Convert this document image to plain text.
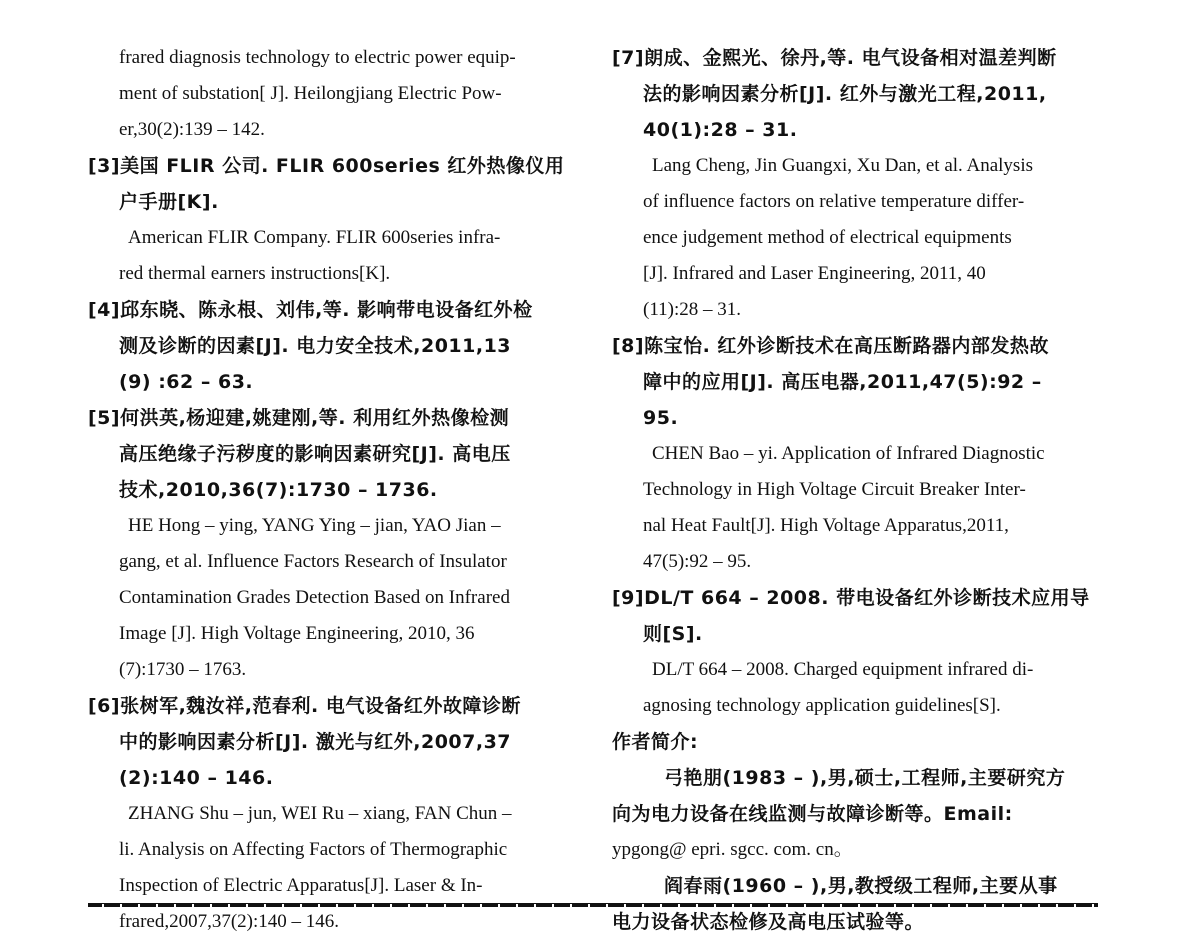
frared diagnosis technology to electric power equip-
ment of substation[ J]. Heilongjiang Electric Pow-
er,30(2):139 – 142.
[3]美国 FLIR 公司. FLIR 600series 红外热像仪用
户手册[K].
American FLIR Company. FLIR 600series infra-
red thermal earners instructions[K].
[4]邱东晓、陈永根、刘伟,等. 影响带电设备红外检
测及诊断的因素[J]. 电力安全技术,2011,13
(9) :62 – 63.
[5]何洪英,杨迎建,姚建刚,等. 利用红外热像检测
高压绝缘子污秽度的影响因素研究[J]. 高电压
技术,2010,36(7):1730 – 1736.
HE Hong – ying, YANG Ying – jian, YAO Jian –
gang, et al. Influence Factors Research of Insulator
Contamination Grades Detection Based on Infrared
Image [J]. High Voltage Engineering, 2010, 36
(7):1730 – 1763.
[6]张树军,魏汝祥,范春利. 电气设备红外故障诊断
中的影响因素分析[J]. 激光与红外,2007,37
(2):140 – 146.
ZHANG Shu – jun, WEI Ru – xiang, FAN Chun –
li. Analysis on Affecting Factors of Thermographic
Inspection of Electric Apparatus[J]. Laser & In-
frared,2007,37(2):140 – 146.
[7]朗成、金熙光、徐丹,等. 电气设备相对温差判断
法的影响因素分析[J]. 红外与激光工程,2011,
40(1):28 – 31.
Lang Cheng, Jin Guangxi, Xu Dan, et al. Analysis
of influence factors on relative temperature differ-
ence judgement method of electrical equipments
[J]. Infrared and Laser Engineering, 2011, 40
(11):28 – 31.
[8]陈宝怡. 红外诊断技术在高压断路器内部发热故
障中的应用[J]. 高压电器,2011,47(5):92 –
95.
CHEN Bao – yi. Application of Infrared Diagnostic
Technology in High Voltage Circuit Breaker Inter-
nal Heat Fault[J]. High Voltage Apparatus,2011,
47(5):92 – 95.
[9]DL/T 664 – 2008. 带电设备红外诊断技术应用导
则[S].
DL/T 664 – 2008. Charged equipment infrared di-
agnosing technology application guidelines[S].
作者简介:
弓艳朋(1983 – ),男,硕士,工程师,主要研究方
向为电力设备在线监测与故障诊断等。Email:
ypgong@ epri. sgcc. com. cn。
阎春雨(1960 – ),男,教授级工程师,主要从事
电力设备状态检修及高电压试验等。
